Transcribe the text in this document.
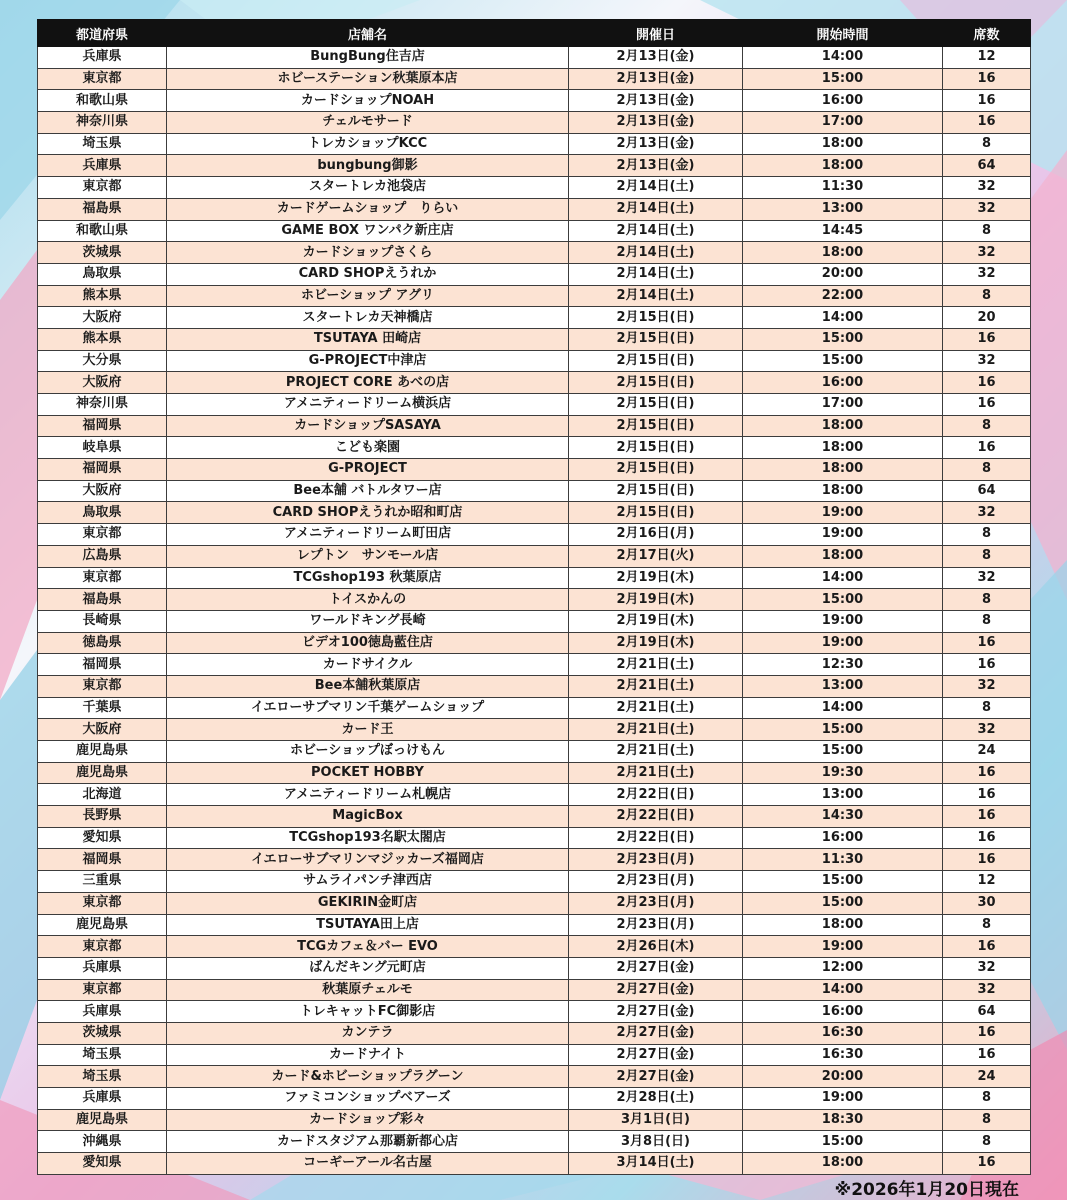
都道府県	店舗名	開催日	開始時間	席数
兵庫県	BungBung住吉店	2月13日(金)	14:00	12
東京都	ホビーステーション秋葉原本店	2月13日(金)	15:00	16
和歌山県	カードショップNOAH	2月13日(金)	16:00	16
神奈川県	チェルモサード	2月13日(金)	17:00	16
埼玉県	トレカショップKCC	2月13日(金)	18:00	8
兵庫県	bungbung御影	2月13日(金)	18:00	64
東京都	スタートレカ池袋店	2月14日(土)	11:30	32
福島県	カードゲームショップ　りらい	2月14日(土)	13:00	32
和歌山県	GAME BOX ワンパク新庄店	2月14日(土)	14:45	8
茨城県	カードショップさくら	2月14日(土)	18:00	32
鳥取県	CARD SHOPえうれか	2月14日(土)	20:00	32
熊本県	ホビーショップ アグリ	2月14日(土)	22:00	8
大阪府	スタートレカ天神橋店	2月15日(日)	14:00	20
熊本県	TSUTAYA 田崎店	2月15日(日)	15:00	16
大分県	G-PROJECT中津店	2月15日(日)	15:00	32
大阪府	PROJECT CORE あべの店	2月15日(日)	16:00	16
神奈川県	アメニティードリーム横浜店	2月15日(日)	17:00	16
福岡県	カードショップSASAYA	2月15日(日)	18:00	8
岐阜県	こども楽園	2月15日(日)	18:00	16
福岡県	G-PROJECT	2月15日(日)	18:00	8
大阪府	Bee本舗 バトルタワー店	2月15日(日)	18:00	64
鳥取県	CARD SHOPえうれか昭和町店	2月15日(日)	19:00	32
東京都	アメニティードリーム町田店	2月16日(月)	19:00	8
広島県	レプトン　サンモール店	2月17日(火)	18:00	8
東京都	TCGshop193 秋葉原店	2月19日(木)	14:00	32
福島県	トイスかんの	2月19日(木)	15:00	8
長崎県	ワールドキング長崎	2月19日(木)	19:00	8
徳島県	ビデオ100徳島藍住店	2月19日(木)	19:00	16
福岡県	カードサイクル	2月21日(土)	12:30	16
東京都	Bee本舗秋葉原店	2月21日(土)	13:00	32
千葉県	イエローサブマリン千葉ゲームショップ	2月21日(土)	14:00	8
大阪府	カード王	2月21日(土)	15:00	32
鹿児島県	ホビーショップぼっけもん	2月21日(土)	15:00	24
鹿児島県	POCKET HOBBY	2月21日(土)	19:30	16
北海道	アメニティードリーム札幌店	2月22日(日)	13:00	16
長野県	MagicBox	2月22日(日)	14:30	16
愛知県	TCGshop193名駅太閤店	2月22日(日)	16:00	16
福岡県	イエローサブマリンマジッカーズ福岡店	2月23日(月)	11:30	16
三重県	サムライパンチ津西店	2月23日(月)	15:00	12
東京都	GEKIRIN金町店	2月23日(月)	15:00	30
鹿児島県	TSUTAYA田上店	2月23日(月)	18:00	8
東京都	TCGカフェ＆バー EVO	2月26日(木)	19:00	16
兵庫県	ばんだキング元町店	2月27日(金)	12:00	32
東京都	秋葉原チェルモ	2月27日(金)	14:00	32
兵庫県	トレキャットFC御影店	2月27日(金)	16:00	64
茨城県	カンテラ	2月27日(金)	16:30	16
埼玉県	カードナイト	2月27日(金)	16:30	16
埼玉県	カード&ホビーショップラグーン	2月27日(金)	20:00	24
兵庫県	ファミコンショップベアーズ	2月28日(土)	19:00	8
鹿児島県	カードショップ彩々	3月1日(日)	18:30	8
沖縄県	カードスタジアム那覇新都心店	3月8日(日)	15:00	8
愛知県	コーギーアール名古屋	3月14日(土)	18:00	16
※2026年1月20日現在
